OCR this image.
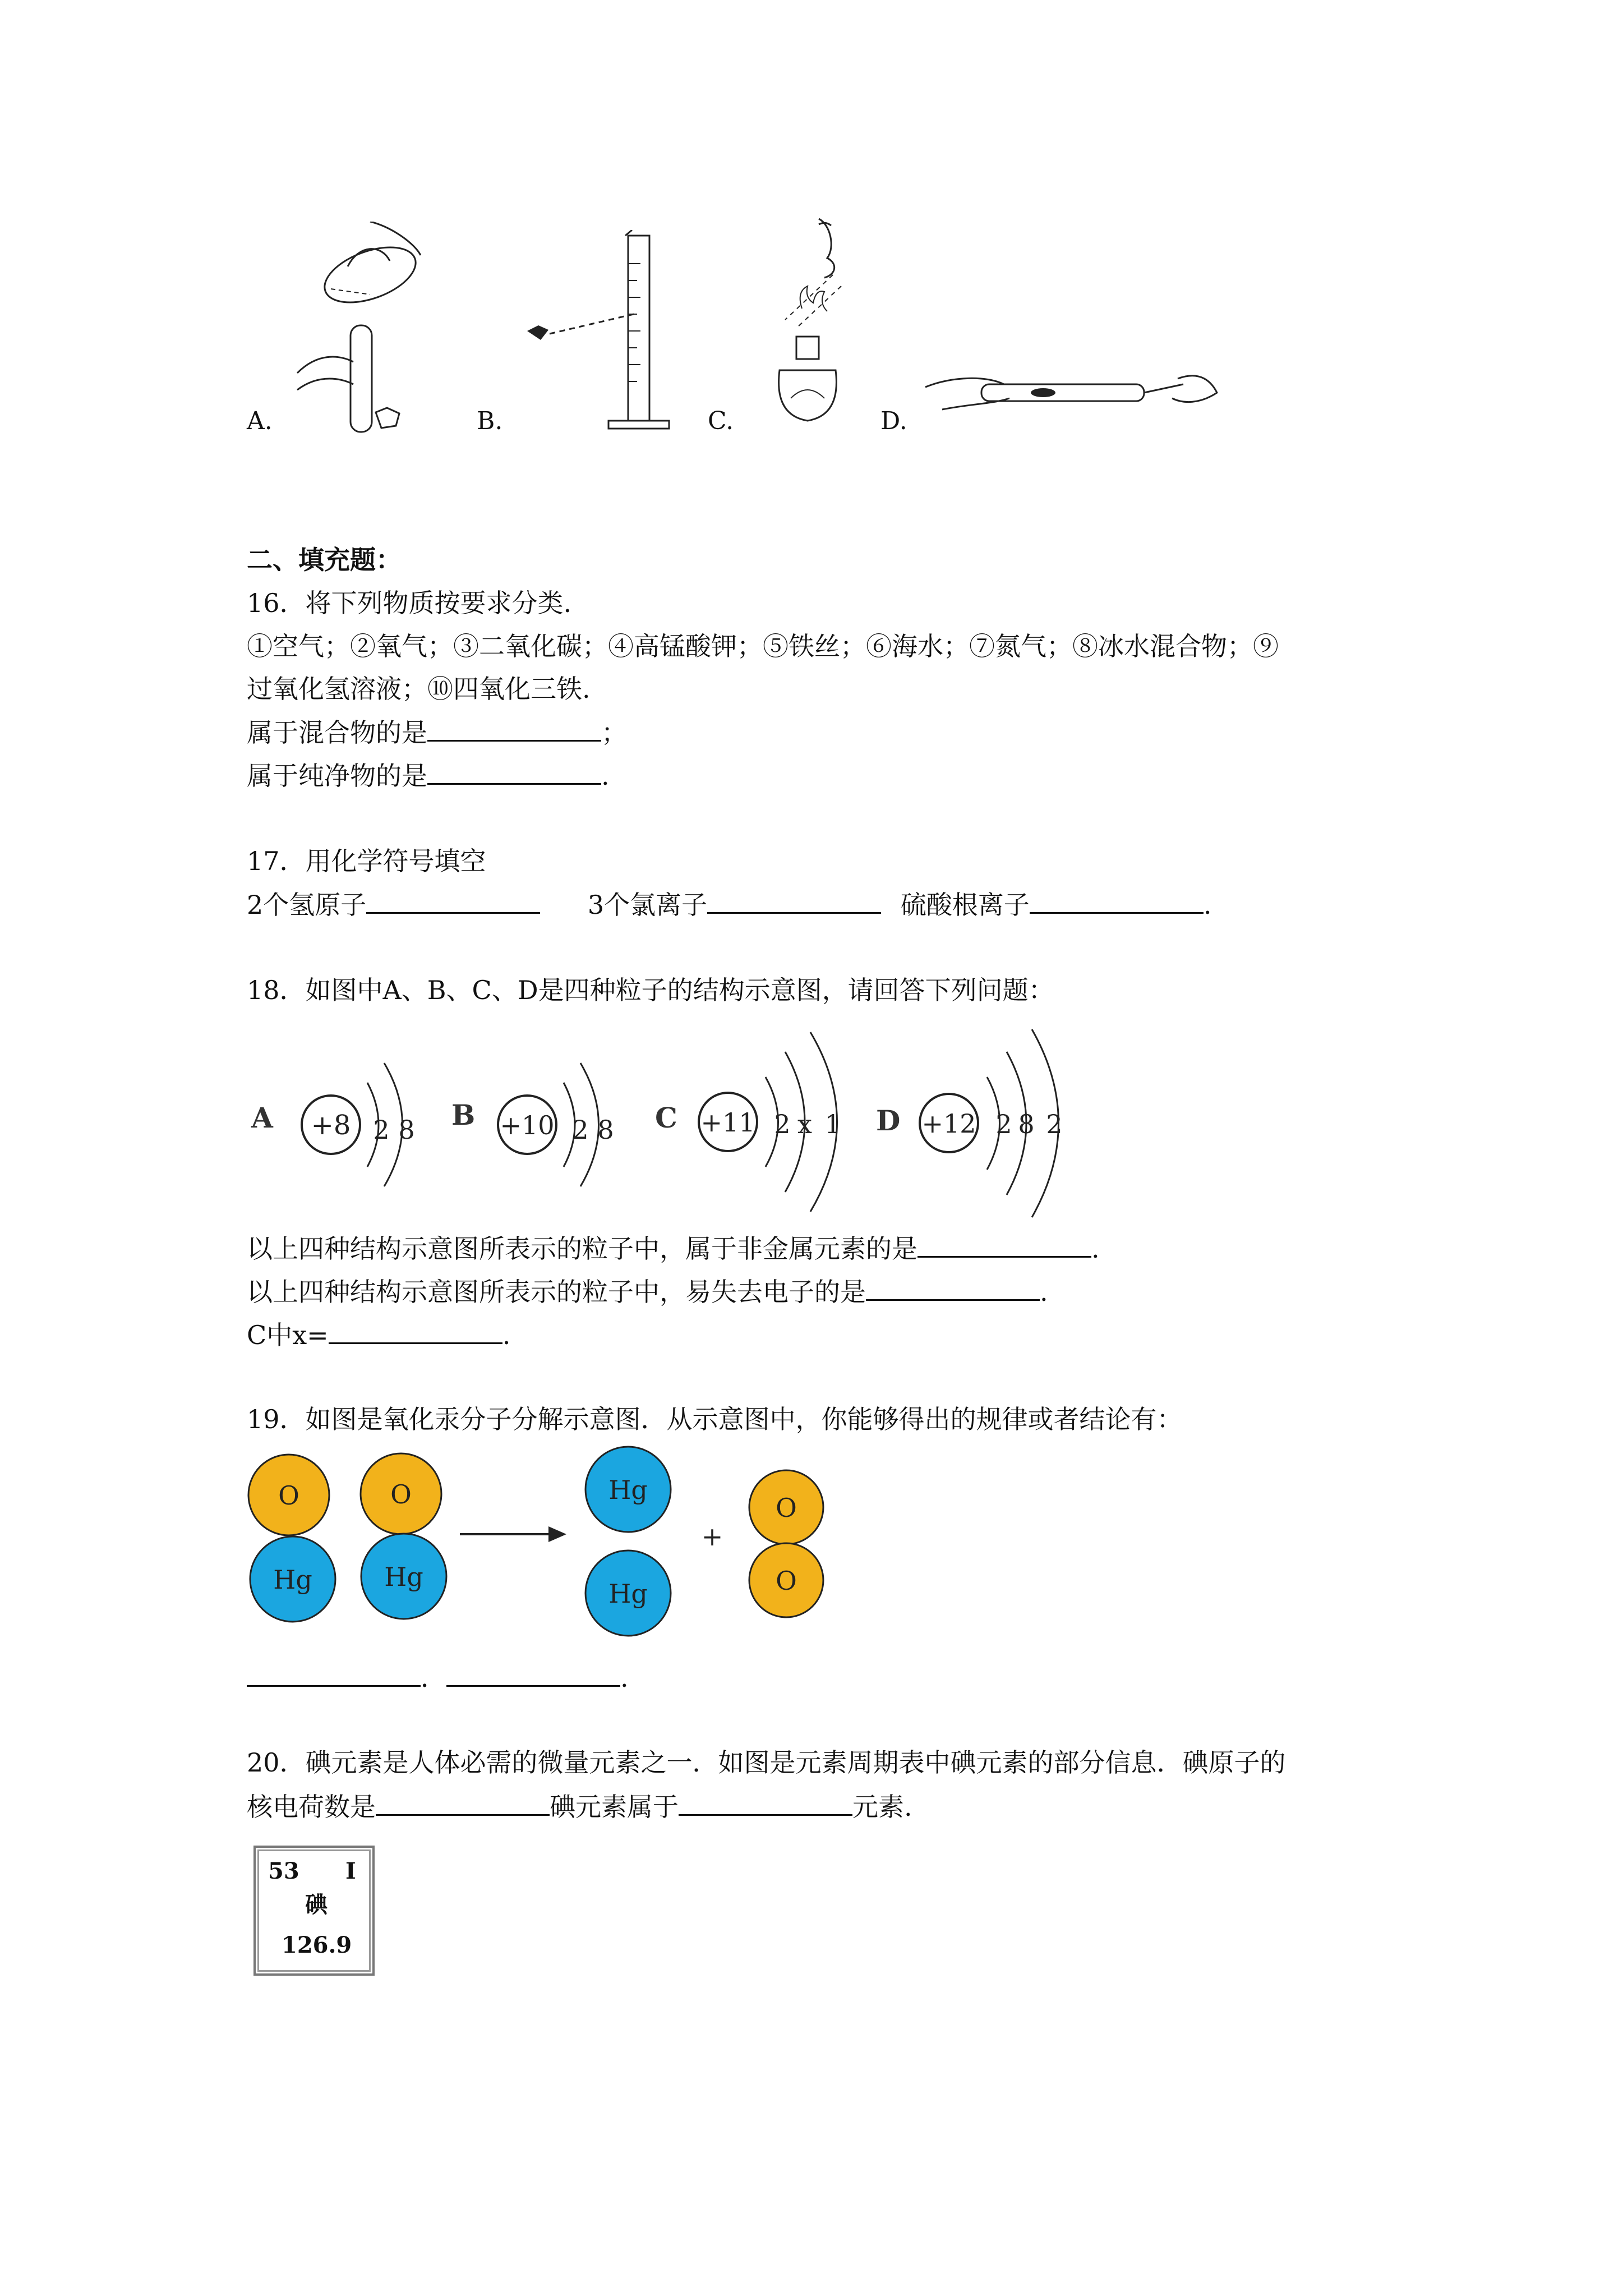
A.	B.	C.	D.
二、填充题：
16．将下列物质按要求分类.
①空气；②氧气；③二氧化碳；④高锰酸钾；⑤铁丝；⑥海水；⑦氮气；⑧冰水混合物；⑨
过氧化氢溶液；⑩四氧化三铁.
属于混合物的是	；
属于纯净物的是	.
17．用化学符号填空
2个氢原子	3个氯离子	硫酸根离子	.
18．如图中A、B、C、D是四种粒子的结构示意图，请回答下列问题：
A +8 2 8 B +10 2 8 C +11 2 x 1 D +12 2 8 2
以上四种结构示意图所表示的粒子中，属于非金属元素的是	.
以上四种结构示意图所表示的粒子中，易失去电子的是	.
C中x=	.
19．如图是氧化汞分子分解示意图．从示意图中，你能够得出的规律或者结论有：
O
Hg
O
Hg
Hg
Hg
+
O
O
．	.
20．碘元素是人体必需的微量元素之一．如图是元素周期表中碘元素的部分信息．碘原子的
核电荷数是	碘元素属于	元素.
53 I
碘
126.9
